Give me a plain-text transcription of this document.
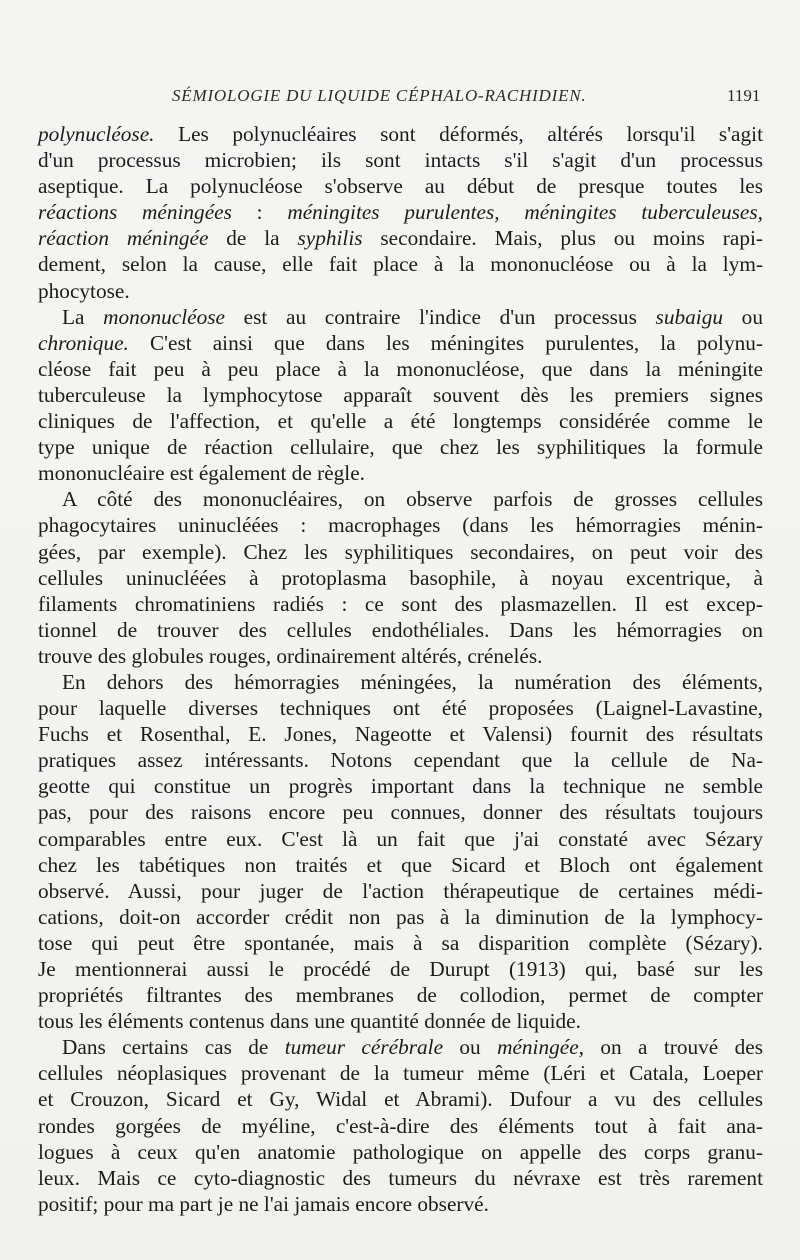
SÉMIOLOGIE DU LIQUIDE CÉPHALO-RACHIDIEN.	1191

polynucléose. Les polynucléaires sont déformés, altérés lorsqu'il s'agit
d'un processus microbien; ils sont intacts s'il s'agit d'un processus
aseptique. La polynucléose s'observe au début de presque toutes les
réactions méningées : méningites purulentes, méningites tuberculeuses,
réaction méningée de la syphilis secondaire. Mais, plus ou moins rapi-
dement, selon la cause, elle fait place à la mononucléose ou à la lym-
phocytose.

La mononucléose est au contraire l'indice d'un processus subaigu ou
chronique. C'est ainsi que dans les méningites purulentes, la polynu-
cléose fait peu à peu place à la mononucléose, que dans la méningite
tuberculeuse la lymphocytose apparaît souvent dès les premiers signes
cliniques de l'affection, et qu'elle a été longtemps considérée comme le
type unique de réaction cellulaire, que chez les syphilitiques la formule
mononucléaire est également de règle.

A côté des mononucléaires, on observe parfois de grosses cellules
phagocytaires uninucléées : macrophages (dans les hémorragies ménin-
gées, par exemple). Chez les syphilitiques secondaires, on peut voir des
cellules uninucléées à protoplasma basophile, à noyau excentrique, à
filaments chromatiniens radiés : ce sont des plasmazellen. Il est excep-
tionnel de trouver des cellules endothéliales. Dans les hémorragies on
trouve des globules rouges, ordinairement altérés, crénelés.

En dehors des hémorragies méningées, la numération des éléments,
pour laquelle diverses techniques ont été proposées (Laignel-Lavastine,
Fuchs et Rosenthal, E. Jones, Nageotte et Valensi) fournit des résultats
pratiques assez intéressants. Notons cependant que la cellule de Na-
geotte qui constitue un progrès important dans la technique ne semble
pas, pour des raisons encore peu connues, donner des résultats toujours
comparables entre eux. C'est là un fait que j'ai constaté avec Sézary
chez les tabétiques non traités et que Sicard et Bloch ont également
observé. Aussi, pour juger de l'action thérapeutique de certaines médi-
cations, doit-on accorder crédit non pas à la diminution de la lymphocy-
tose qui peut être spontanée, mais à sa disparition complète (Sézary).
Je mentionnerai aussi le procédé de Durupt (1913) qui, basé sur les
propriétés filtrantes des membranes de collodion, permet de compter
tous les éléments contenus dans une quantité donnée de liquide.

Dans certains cas de tumeur cérébrale ou méningée, on a trouvé des
cellules néoplasiques provenant de la tumeur même (Léri et Catala, Loeper
et Crouzon, Sicard et Gy, Widal et Abrami). Dufour a vu des cellules
rondes gorgées de myéline, c'est-à-dire des éléments tout à fait ana-
logues à ceux qu'en anatomie pathologique on appelle des corps granu-
leux. Mais ce cyto-diagnostic des tumeurs du névraxe est très rarement
positif; pour ma part je ne l'ai jamais encore observé.
